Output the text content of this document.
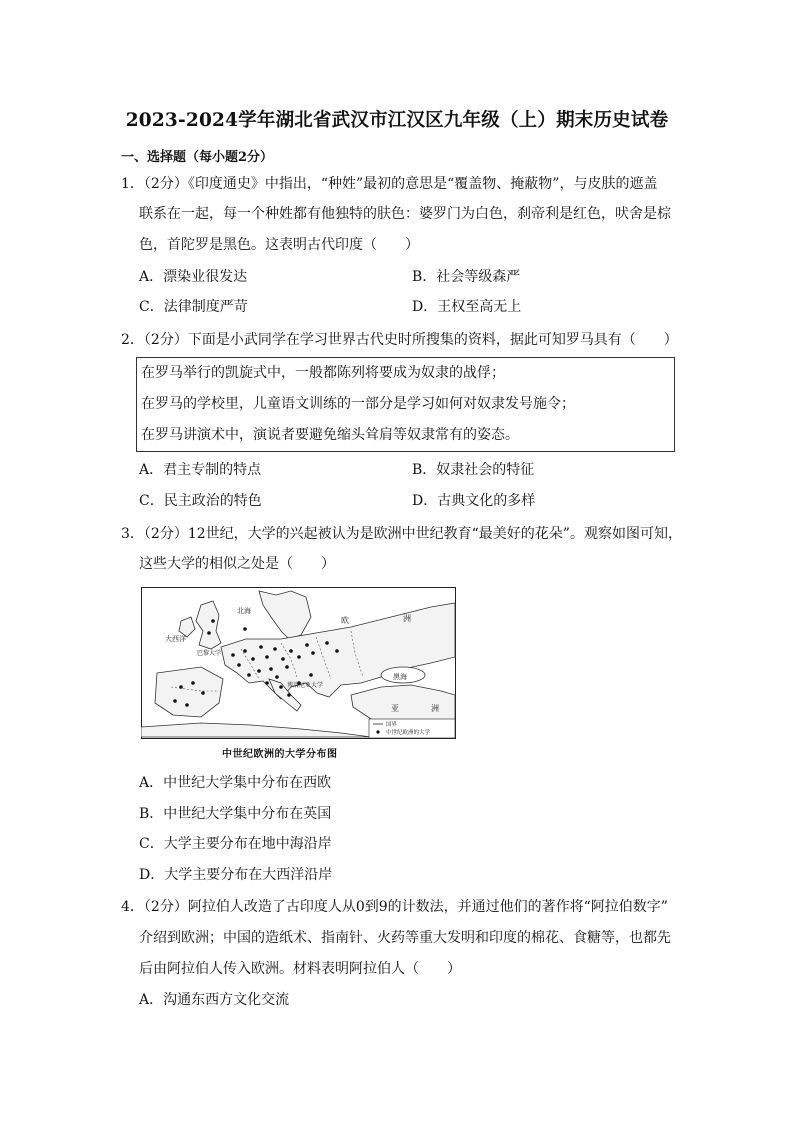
2023-2024学年湖北省武汉市江汉区九年级（上）期末历史试卷
一、选择题（每小题2分）
1．（2分）《印度通史》中指出，“种姓”最初的意思是“覆盖物、掩蔽物”，与皮肤的遮盖
联系在一起，每一个种姓都有他独特的肤色：婆罗门为白色，刹帝利是红色，吠舍是棕
色，首陀罗是黑色。这表明古代印度（　　）
A．漂染业很发达	B．社会等级森严
C．法律制度严苛	D．王权至高无上
2．（2分）下面是小武同学在学习世界古代史时所搜集的资料，据此可知罗马具有（　　）
在罗马举行的凯旋式中，一般都陈列将要成为奴隶的战俘；
在罗马的学校里，儿童语文训练的一部分是学习如何对奴隶发号施令；
在罗马讲演术中，演说者要避免缩头耸肩等奴隶常有的姿态。
A．君主专制的特点	B．奴隶社会的特征
C．民主政治的特色	D．古典文化的多样
3．（2分）12世纪，大学的兴起被认为是欧洲中世纪教育“最美好的花朵”。观察如图可知，
这些大学的相似之处是（　　）
大西洋
北海
欧	洲
黑海
亚	洲
巴黎大学
博洛尼亚大学
国界
中世纪欧洲的大学
中世纪欧洲的大学分布图
A．中世纪大学集中分布在西欧
B．中世纪大学集中分布在英国
C．大学主要分布在地中海沿岸
D．大学主要分布在大西洋沿岸
4．（2分）阿拉伯人改造了古印度人从0到9的计数法，并通过他们的著作将“阿拉伯数字”
介绍到欧洲；中国的造纸术、指南针、火药等重大发明和印度的棉花、食糖等，也都先
后由阿拉伯人传入欧洲。材料表明阿拉伯人（　　）
A．沟通东西方文化交流
